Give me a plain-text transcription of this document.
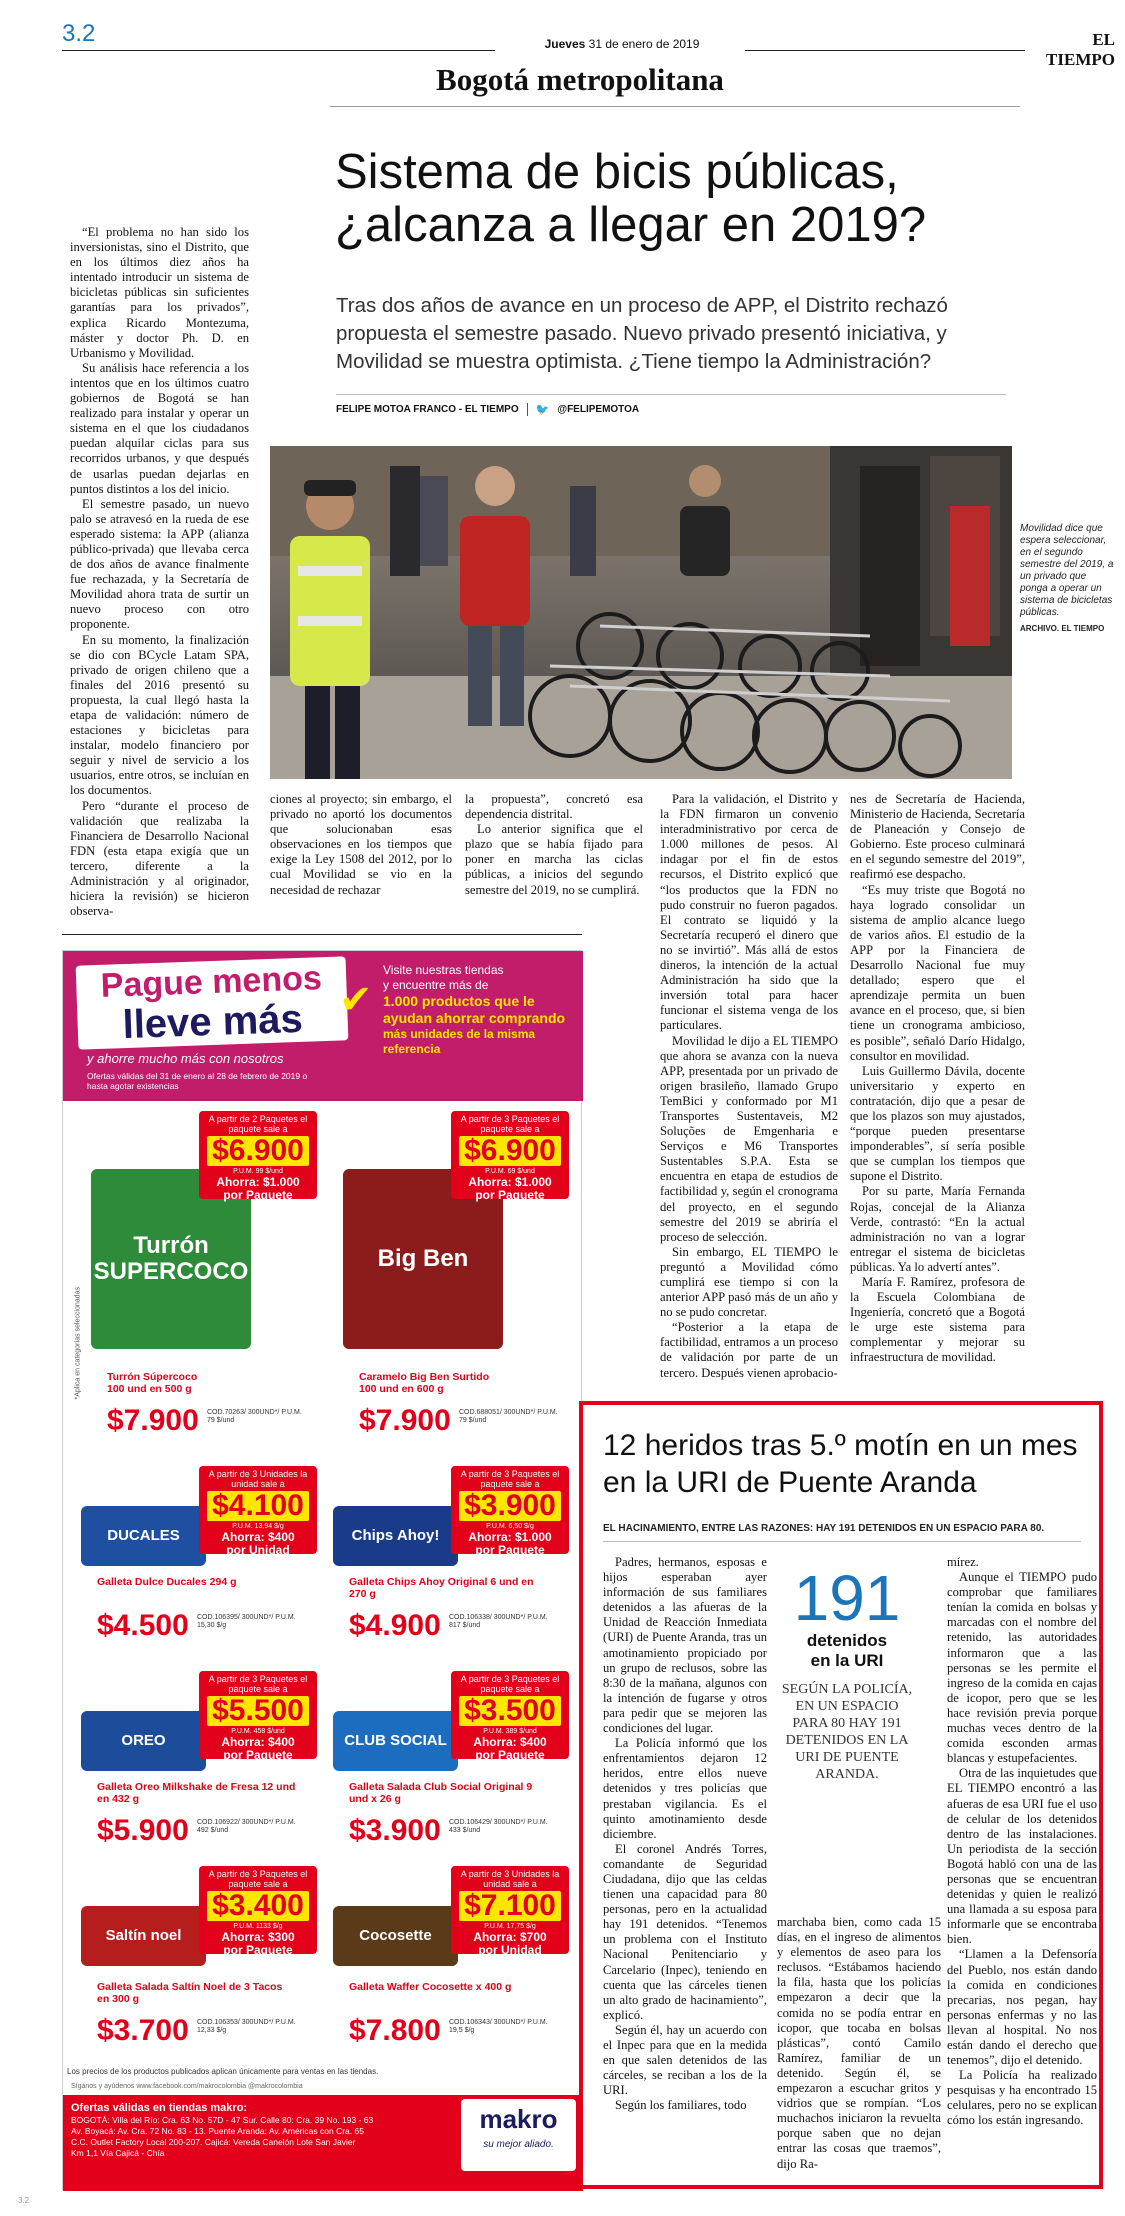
3.2	Jueves 31 de enero de 2019	EL TIEMPO
Bogotá metropolitana
Sistema de bicis públicas, ¿alcanza a llegar en 2019?
Tras dos años de avance en un proceso de APP, el Distrito rechazó propuesta el semestre pasado. Nuevo privado presentó iniciativa, y Movilidad se muestra optimista. ¿Tiene tiempo la Administración?
FELIPE MOTOA FRANCO - EL TIEMPO 🐦 @FELIPEMOTOA
Movilidad dice que espera seleccionar, en el segundo semestre del 2019, a un privado que ponga a operar un sistema de bicicletas públicas.
ARCHIVO. EL TIEMPO

“El problema no han sido los inversionistas, sino el Distrito, que en los últimos diez años ha intentado introducir un sistema de bicicletas públicas sin suficientes garantías para los privados”, explica Ricardo Montezuma, máster y doctor Ph. D. en Urbanismo y Movilidad.

Su análisis hace referencia a los intentos que en los últimos cuatro gobiernos de Bogotá se han realizado para instalar y operar un sistema en el que los ciudadanos puedan alquilar ciclas para sus recorridos urbanos, y que después de usarlas puedan dejarlas en puntos distintos a los del inicio.

El semestre pasado, un nuevo palo se atravesó en la rueda de ese esperado sistema: la APP (alianza público-privada) que llevaba cerca de dos años de avance finalmente fue rechazada, y la Secretaría de Movilidad ahora trata de surtir un nuevo proceso con otro proponente.

En su momento, la finalización se dio con BCycle Latam SPA, privado de origen chileno que a finales del 2016 presentó su propuesta, la cual llegó hasta la etapa de validación: número de estaciones y bicicletas para instalar, modelo financiero por seguir y nivel de servicio a los usuarios, entre otros, se incluían en los documentos.

Pero “durante el proceso de validación que realizaba la Financiera de Desarrollo Nacional FDN (esta etapa exigía que un tercero, diferente a la Administración y al originador, hiciera la revisión) se hicieron observa-

ciones al proyecto; sin embargo, el privado no aportó los documentos que solucionaban esas observaciones en los tiempos que exige la Ley 1508 del 2012, por lo cual Movilidad se vio en la necesidad de rechazar

la propuesta”, concretó esa dependencia distrital.

Lo anterior significa que el plazo que se había fijado para poner en marcha las ciclas públicas, a inicios del segundo semestre del 2019, no se cumplirá.

Para la validación, el Distrito y la FDN firmaron un convenio interadministrativo por cerca de 1.000 millones de pesos. Al indagar por el fin de estos recursos, el Distrito explicó que “los productos que la FDN no pudo construir no fueron pagados. El contrato se liquidó y la Secretaría recuperó el dinero que no se invirtió”. Más allá de estos dineros, la intención de la actual Administración ha sido que la inversión total para hacer funcionar el sistema venga de los particulares.

Movilidad le dijo a EL TIEMPO que ahora se avanza con la nueva APP, presentada por un privado de origen brasileño, llamado Grupo TemBici y conformado por M1 Transportes Sustentaveis, M2 Soluções de Emgenharia e Serviços e M6 Transportes Sustentables S.P.A. Esta se encuentra en etapa de estudios de factibilidad y, según el cronograma del proyecto, en el segundo semestre del 2019 se abriría el proceso de selección.

Sin embargo, EL TIEMPO le preguntó a Movilidad cómo cumplirá ese tiempo si con la anterior APP pasó más de un año y no se pudo concretar.

“Posterior a la etapa de factibilidad, entramos a un proceso de validación por parte de un tercero. Después vienen aprobacio-

nes de Secretaría de Hacienda, Ministerio de Hacienda, Secretaría de Planeación y Consejo de Gobierno. Este proceso culminará en el segundo semestre del 2019”, reafirmó ese despacho.

“Es muy triste que Bogotá no haya logrado consolidar un sistema de amplio alcance luego de varios años. El estudio de la APP por la Financiera de Desarrollo Nacional fue muy detallado; espero que el aprendizaje permita un buen avance en el proceso, que, si bien tiene un cronograma ambicioso, es posible”, señaló Darío Hidalgo, consultor en movilidad.

Luis Guillermo Dávila, docente universitario y experto en contratación, dijo que a pesar de que los plazos son muy ajustados, “porque pueden presentarse imponderables”, sí sería posible que se cumplan los tiempos que supone el Distrito.

Por su parte, María Fernanda Rojas, concejal de la Alianza Verde, contrastó: “En la actual administración no van a lograr entregar el sistema de bicicletas públicas. Ya lo advertí antes”.

María F. Ramírez, profesora de la Escuela Colombiana de Ingeniería, concretó que a Bogotá le urge este sistema para complementar y mejorar su infraestructura de movilidad.

Pague menos
lleve más ✔
y ahorre mucho más con nosotros
Visite nuestras tiendas
y encuentre más de
1.000 productos que le
ayudan ahorrar comprando
más unidades de la misma referencia
Ofertas válidas del 31 de enero al 28 de febrero de 2019 o hasta agotar existencias
*Aplica en categorías seleccionadas
Turrón SUPERCOCO
A partir de 2 Paquetes el paquete sale a
$6.900
P.U.M. 99 $/und
Ahorra: $1.000
por Paquete
Turrón Súpercoco
100 und en 500 g
$7.900 COD.70263/ 300UND*/ P.U.M. 79 $/und
Big Ben
A partir de 3 Paquetes el paquete sale a
$6.900
P.U.M. 69 $/und
Ahorra: $1.000
por Paquete
Caramelo Big Ben Surtido
100 und en 600 g
$7.900 COD.688051/ 300UND*/ P.U.M. 79 $/und
DUCALES
A partir de 3 Unidades la unidad sale a
$4.100
P.U.M. 13,94 $/g
Ahorra: $400
por Unidad
Galleta Dulce Ducales 294 g
$4.500 COD.106395/ 300UND*/ P.U.M. 15,30 $/g
Chips Ahoy!
A partir de 3 Paquetes el paquete sale a
$3.900
P.U.M. 6,50 $/g
Ahorra: $1.000
por Paquete
Galleta Chips Ahoy Original 6 und en 270 g
$4.900 COD.106338/ 300UND*/ P.U.M. 817 $/und
OREO
A partir de 3 Paquetes el paquete sale a
$5.500
P.U.M. 458 $/und
Ahorra: $400
por Paquete
Galleta Oreo Milkshake de Fresa 12 und en 432 g
$5.900 COD.106922/ 300UND*/ P.U.M. 492 $/und
CLUB SOCIAL
A partir de 3 Paquetes el paquete sale a
$3.500
P.U.M. 389 $/und
Ahorra: $400
por Paquete
Galleta Salada Club Social Original 9 und x 26 g
$3.900 COD.106429/ 300UND*/ P.U.M. 433 $/und
Saltín noel
A partir de 3 Paquetes el paquete sale a
$3.400
P.U.M. 1133 $/g
Ahorra: $300
por Paquete
Galleta Salada Saltín Noel de 3 Tacos en 300 g
$3.700 COD.106353/ 300UND*/ P.U.M. 12,33 $/g
Cocosette
A partir de 3 Unidades la unidad sale a
$7.100
P.U.M. 17,75 $/g
Ahorra: $700
por Unidad
Galleta Waffer Cocosette x 400 g
$7.800 COD.106343/ 300UND*/ P.U.M. 19,5 $/g
Los precios de los productos publicados aplican únicamente para ventas en las tiendas.
Síganos y ayúdenos www.facebook.com/makrocolombia @makrocolombia
Ofertas válidas en tiendas makro:
BOGOTÁ: Villa del Río: Cra. 63 No. 57D - 47 Sur. Calle 80: Cra. 39 No. 193 - 63
Av. Boyacá: Av. Cra. 72 No. 83 - 13. Puente Aranda: Av. Américas con Cra. 65
C.C. Outlet Factory Local 200-207. Cajicá: Vereda Canelón Lote San Javier
Km 1,1 Vía Cajicá - Chía
makro
su mejor aliado.
12 heridos tras 5.º motín en un mes en la URI de Puente Aranda
EL HACINAMIENTO, ENTRE LAS RAZONES: HAY 191 DETENIDOS EN UN ESPACIO PARA 80.

Padres, hermanos, esposas e hijos esperaban ayer información de sus familiares detenidos a las afueras de la Unidad de Reacción Inmediata (URI) de Puente Aranda, tras un amotinamiento propiciado por un grupo de reclusos, sobre las 8:30 de la mañana, algunos con la intención de fugarse y otros para pedir que se mejoren las condiciones del lugar.

La Policía informó que los enfrentamientos dejaron 12 heridos, entre ellos nueve detenidos y tres policías que prestaban vigilancia. Es el quinto amotinamiento desde diciembre.

El coronel Andrés Torres, comandante de Seguridad Ciudadana, dijo que las celdas tienen una capacidad para 80 personas, pero en la actualidad hay 191 detenidos. “Tenemos un problema con el Instituto Nacional Penitenciario y Carcelario (Inpec), teniendo en cuenta que las cárceles tienen un alto grado de hacinamiento”, explicó.

Según él, hay un acuerdo con el Inpec para que en la medida en que salen detenidos de las cárceles, se reciban a los de la URI.

Según los familiares, todo

191
detenidos
en la URI
SEGÚN LA POLICÍA, EN UN ESPACIO PARA 80 HAY 191 DETENIDOS EN LA URI DE PUENTE ARANDA.

marchaba bien, como cada 15 días, en el ingreso de alimentos y elementos de aseo para los reclusos. “Estábamos haciendo la fila, hasta que los policías empezaron a decir que la comida no se podía entrar en icopor, que tocaba en bolsas plásticas”, contó Camilo Ramírez, familiar de un detenido. Según él, se empezaron a escuchar gritos y vidrios que se rompían. “Los muchachos iniciaron la revuelta porque saben que no dejan entrar las cosas que traemos”, dijo Ra-

mírez.

Aunque el TIEMPO pudo comprobar que familiares tenían la comida en bolsas y marcadas con el nombre del retenido, las autoridades informaron que a las personas se les permite el ingreso de la comida en cajas de icopor, pero que se les hace revisión previa porque muchas veces dentro de la comida esconden armas blancas y estupefacientes.

Otra de las inquietudes que EL TIEMPO encontró a las afueras de esa URI fue el uso de celular de los detenidos dentro de las instalaciones. Un periodista de la sección Bogotá habló con una de las personas que se encuentran detenidas y quien le realizó una llamada a su esposa para informarle que se encontraba bien.

“Llamen a la Defensoría del Pueblo, nos están dando la comida en condiciones precarias, nos pegan, hay personas enfermas y no las llevan al hospital. No nos están dando el derecho que tenemos”, dijo el detenido.

La Policía ha realizado pesquisas y ha encontrado 15 celulares, pero no se explican cómo los están ingresando.

3.2
